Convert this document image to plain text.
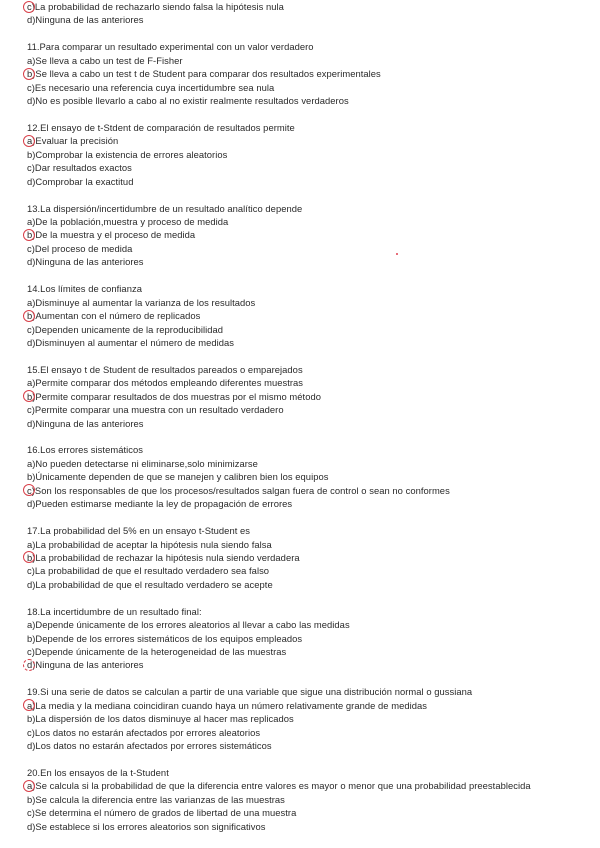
c)La probabilidad de rechazarlo siendo falsa la hipótesis nula
d)Ninguna de las anteriores
11.Para comparar un resultado experimental con un valor verdadero
a)Se lleva a cabo un test de F-Fisher
b)Se lleva a cabo un test t de Student para comparar dos resultados experimentales
c)Es necesario una referencia cuya incertidumbre sea nula
d)No es posible llevarlo a cabo al no existir realmente resultados verdaderos
12.El ensayo de t-Stdent de comparación de resultados permite
a)Evaluar la precisión
b)Comprobar la existencia de errores aleatorios
c)Dar resultados exactos
d)Comprobar la exactitud
13.La dispersión/incertidumbre de un resultado analítico depende
a)De la población,muestra y proceso de medida
b)De la muestra y el proceso de medida
c)Del proceso de medida
d)Ninguna de las anteriores
14.Los límites de confianza
a)Disminuye al aumentar la varianza de los resultados
b)Aumentan con el número de replicados
c)Dependen unicamente de la reproducibilidad
d)Disminuyen al aumentar el número de medidas
15.El ensayo t de Student de resultados pareados o emparejados
a)Permite comparar dos métodos empleando diferentes muestras
b)Permite comparar resultados de dos muestras por el mismo método
c)Permite comparar una muestra con un resultado verdadero
d)Ninguna de las anteriores
16.Los errores sistemáticos
a)No pueden detectarse ni eliminarse,solo minimizarse
b)Únicamente dependen de que se manejen y calibren bien los equipos
c)Son los responsables de que los procesos/resultados salgan fuera de control o sean no conformes
d)Pueden estimarse mediante la ley de propagación de errores
17.La probabilidad del 5% en un ensayo t-Student es
a)La probabilidad de aceptar la hipótesis nula siendo falsa
b)La probabilidad de rechazar la hipótesis nula siendo verdadera
c)La probabilidad de que el resultado verdadero sea falso
d)La probabilidad de que el resultado verdadero se acepte
18.La incertidumbre de un resultado final:
a)Depende únicamente de los errores aleatorios al llevar a cabo las medidas
b)Depende de los errores sistemáticos de los equipos empleados
c)Depende únicamente de la heterogeneidad de las muestras
d)Ninguna de las anteriores
19.Si una serie de datos se calculan a partir de una variable que sigue una distribución normal o gussiana
a)La media y la mediana coincidiran cuando haya un número relativamente grande de medidas
b)La dispersión de los datos disminuye al hacer mas replicados
c)Los datos no estarán afectados por errores aleatorios
d)Los datos no estarán afectados por errores sistemáticos
20.En los ensayos de la t-Student
a)Se calcula si la probabilidad de que la diferencia entre valores es mayor o menor que una probabilidad preestablecida
b)Se calcula la diferencia entre las varianzas de las muestras
c)Se determina el número de grados de libertad de una muestra
d)Se establece si los errores aleatorios son significativos
